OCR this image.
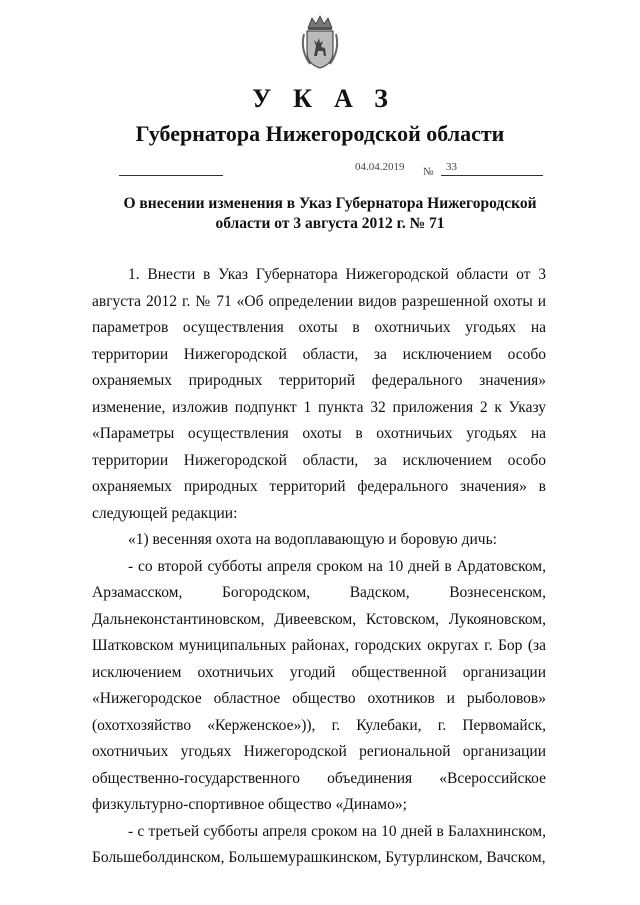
УКАЗ
Губернатора Нижегородской области
04.04.2019 № 33
О внесении изменения в Указ Губернатора Нижегородской области от 3 августа 2012 г. № 71

1. Внести в Указ Губернатора Нижегородской области от 3 августа 2012 г. № 71 «Об определении видов разрешенной охоты и параметров осуществления охоты в охотничьих угодьях на территории Нижегородской области, за исключением особо охраняемых природных территорий федерального значения» изменение, изложив подпункт 1 пункта 32 приложения 2 к Указу «Параметры осуществления охоты в охотничьих угодьях на территории Нижегородской области, за исключением особо охраняемых природных территорий федерального значения» в следующей редакции:

«1) весенняя охота на водоплавающую и боровую дичь:

- со второй субботы апреля сроком на 10 дней в Ардатовском, Арзамасском, Богородском, Вадском, Вознесенском, Дальнеконстантиновском, Дивеевском, Кстовском, Лукояновском, Шатковском муниципальных районах, городских округах г. Бор (за исключением охотничьих угодий общественной организации «Нижегородское областное общество охотников и рыболовов» (охотхозяйство «Керженское»)), г. Кулебаки, г. Первомайск, охотничьих угодьях Нижегородской региональной организации общественно-государственного объединения «Всероссийское физкультурно-спортивное общество «Динамо»;

- с третьей субботы апреля сроком на 10 дней в Балахнинском, Большеболдинском, Большемурашкинском, Бутурлинском, Вачском,
